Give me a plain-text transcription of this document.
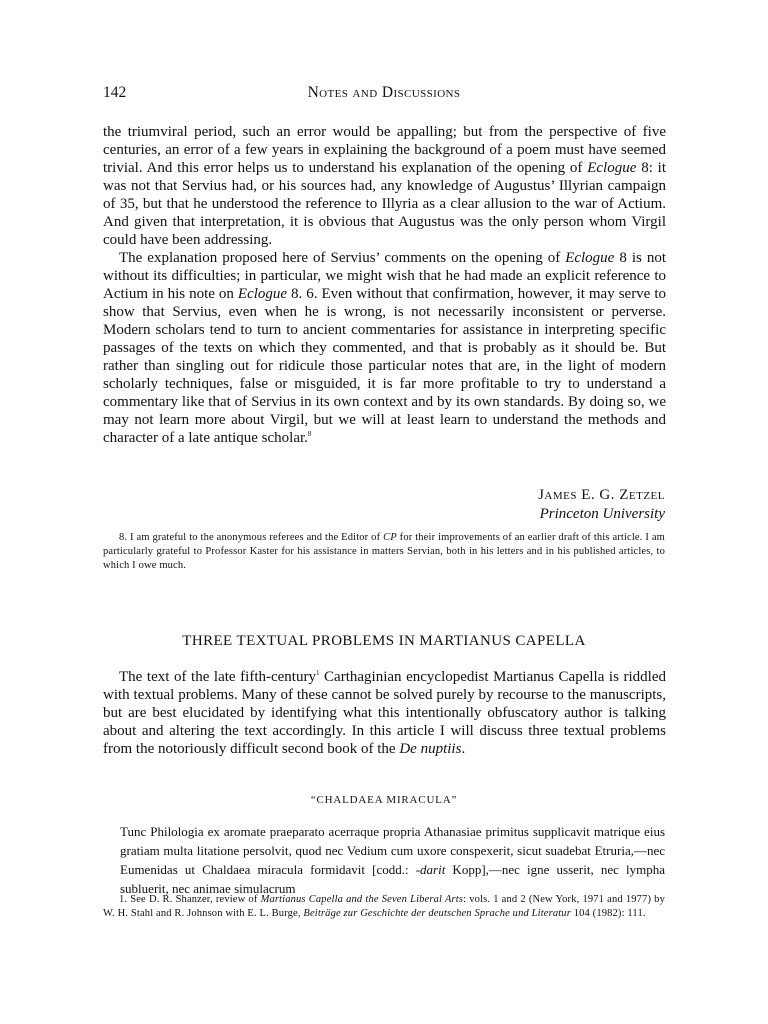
142	Notes and Discussions

the triumviral period, such an error would be appalling; but from the perspective of five centuries, an error of a few years in explaining the background of a poem must have seemed trivial. And this error helps us to understand his explanation of the opening of Eclogue 8: it was not that Servius had, or his sources had, any knowledge of Augustus’ Illyrian campaign of 35, but that he understood the reference to Illyria as a clear allusion to the war of Actium. And given that interpretation, it is obvious that Augustus was the only person whom Virgil could have been addressing.

The explanation proposed here of Servius’ comments on the opening of Eclogue 8 is not without its difficulties; in particular, we might wish that he had made an explicit reference to Actium in his note on Eclogue 8. 6. Even without that confirmation, however, it may serve to show that Servius, even when he is wrong, is not necessarily inconsistent or perverse. Modern scholars tend to turn to ancient commentaries for assistance in interpreting specific passages of the texts on which they commented, and that is probably as it should be. But rather than singling out for ridicule those particular notes that are, in the light of modern scholarly techniques, false or misguided, it is far more profitable to try to understand a commentary like that of Servius in its own context and by its own standards. By doing so, we may not learn more about Virgil, but we will at least learn to understand the methods and character of a late antique scholar.$^8$

James E. G. Zetzel
Princeton University

8. I am grateful to the anonymous referees and the Editor of CP for their improvements of an earlier draft of this article. I am particularly grateful to Professor Kaster for his assistance in matters Servian, both in his letters and in his published articles, to which I owe much.

THREE TEXTUAL PROBLEMS IN MARTIANUS CAPELLA

The text of the late fifth-century$^1$ Carthaginian encyclopedist Martianus Capella is riddled with textual problems. Many of these cannot be solved purely by recourse to the manuscripts, but are best elucidated by identifying what this intentionally obfuscatory author is talking about and altering the text accordingly. In this article I will discuss three textual problems from the notoriously difficult second book of the De nuptiis.

“CHALDAEA MIRACULA”

Tunc Philologia ex aromate praeparato acerraque propria Athanasiae primitus supplicavit matrique eius gratiam multa litatione persolvit, quod nec Vedium cum uxore conspexerit, sicut suadebat Etruria,—nec Eumenidas ut Chaldaea miracula formidavit [codd.: -darit Kopp],—nec igne usserit, nec lympha subluerit, nec animae simulacrum

1. See D. R. Shanzer, review of Martianus Capella and the Seven Liberal Arts: vols. 1 and 2 (New York, 1971 and 1977) by W. H. Stahl and R. Johnson with E. L. Burge, Beiträge zur Geschichte der deutschen Sprache und Literatur 104 (1982): 111.
